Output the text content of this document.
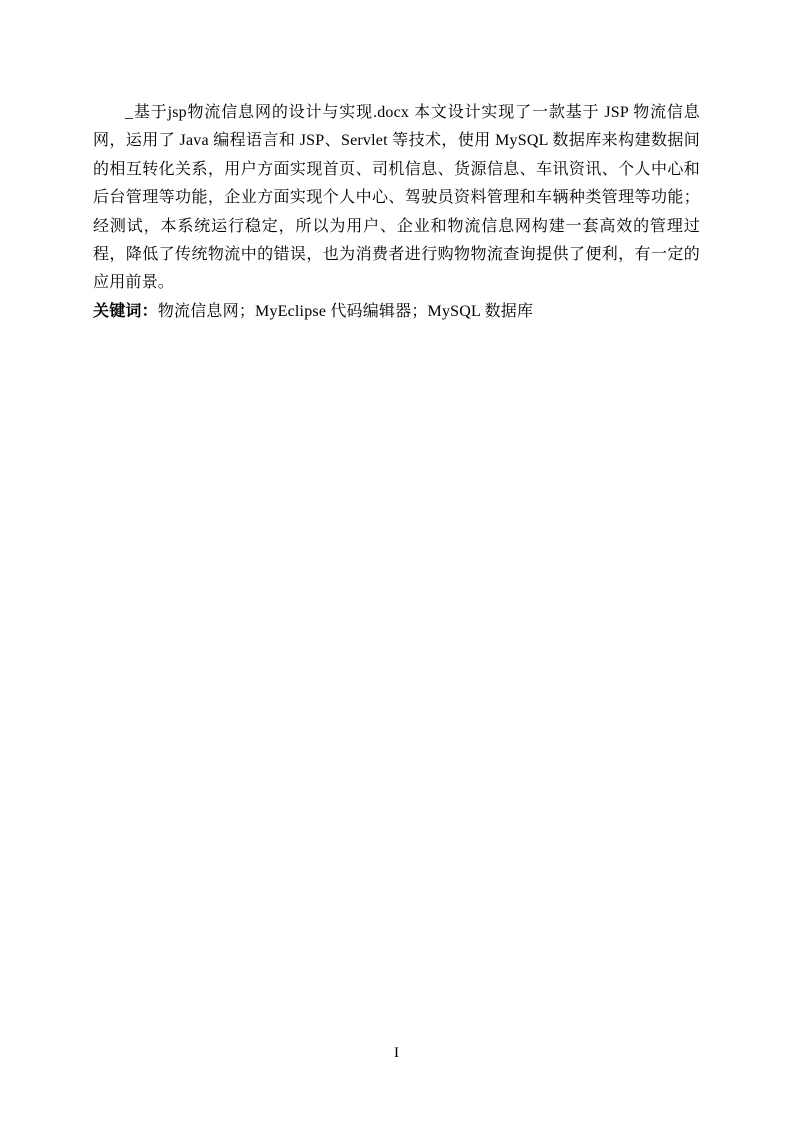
_基于jsp物流信息网的设计与实现.docx 本文设计实现了一款基于 JSP 物流信息网，运用了 Java 编程语言和 JSP、Servlet 等技术，使用 MySQL 数据库来构建数据间的相互转化关系，用户方面实现首页、司机信息、货源信息、车讯资讯、个人中心和后台管理等功能，企业方面实现个人中心、驾驶员资料管理和车辆种类管理等功能；经测试，本系统运行稳定，所以为用户、企业和物流信息网构建一套高效的管理过程，降低了传统物流中的错误，也为消费者进行购物物流查询提供了便利，有一定的应用前景。

关键词：物流信息网；MyEclipse 代码编辑器；MySQL 数据库

I
